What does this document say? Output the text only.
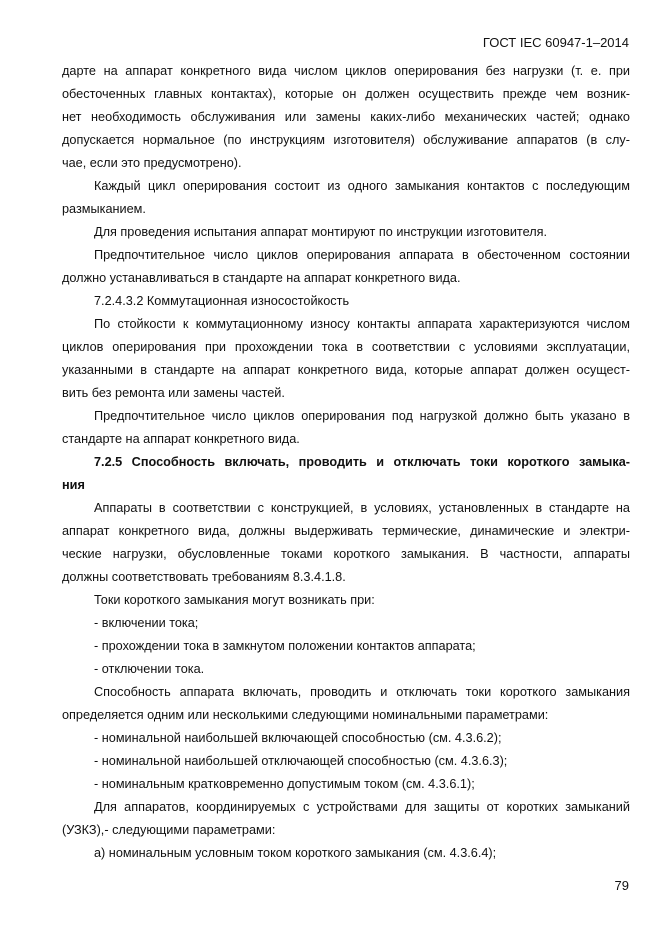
ГОСТ IEC 60947-1–2014
дарте на аппарат конкретного вида числом циклов оперирования без нагрузки (т. е. при
обесточенных главных контактах), которые он должен осуществить прежде чем возник-
нет необходимость обслуживания или замены каких-либо механических частей; однако
допускается нормальное (по инструкциям изготовителя) обслуживание аппаратов (в слу-
чае, если это предусмотрено).
Каждый цикл оперирования состоит из одного замыкания контактов с последующим
размыканием.
Для проведения испытания аппарат монтируют по инструкции изготовителя.
Предпочтительное число циклов оперирования аппарата в обесточенном состоянии
должно устанавливаться в стандарте на аппарат конкретного вида.
7.2.4.3.2 Коммутационная износостойкость
По стойкости к коммутационному износу контакты аппарата характеризуются числом
циклов оперирования при прохождении тока в соответствии с условиями эксплуатации,
указанными в стандарте на аппарат конкретного вида, которые аппарат должен осущест-
вить без ремонта или замены частей.
Предпочтительное число циклов оперирования под нагрузкой должно быть указано в
стандарте на аппарат конкретного вида.
7.2.5 Способность включать, проводить и отключать токи короткого замыка-
ния
Аппараты в соответствии с конструкцией, в условиях, установленных в стандарте на
аппарат конкретного вида, должны выдерживать термические, динамические и электри-
ческие нагрузки, обусловленные токами короткого замыкания. В частности, аппараты
должны соответствовать требованиям 8.3.4.1.8.
Токи короткого замыкания могут возникать при:
- включении тока;
- прохождении тока в замкнутом положении контактов аппарата;
- отключении тока.
Способность аппарата включать, проводить и отключать токи короткого замыкания
определяется одним или несколькими следующими номинальными параметрами:
- номинальной наибольшей включающей способностью (см. 4.3.6.2);
- номинальной наибольшей отключающей способностью (см. 4.3.6.3);
- номинальным кратковременно допустимым током (см. 4.3.6.1);
Для аппаратов, координируемых с устройствами для защиты от коротких замыканий
(УЗКЗ),- следующими параметрами:
а) номинальным условным током короткого замыкания (см. 4.3.6.4);
79
